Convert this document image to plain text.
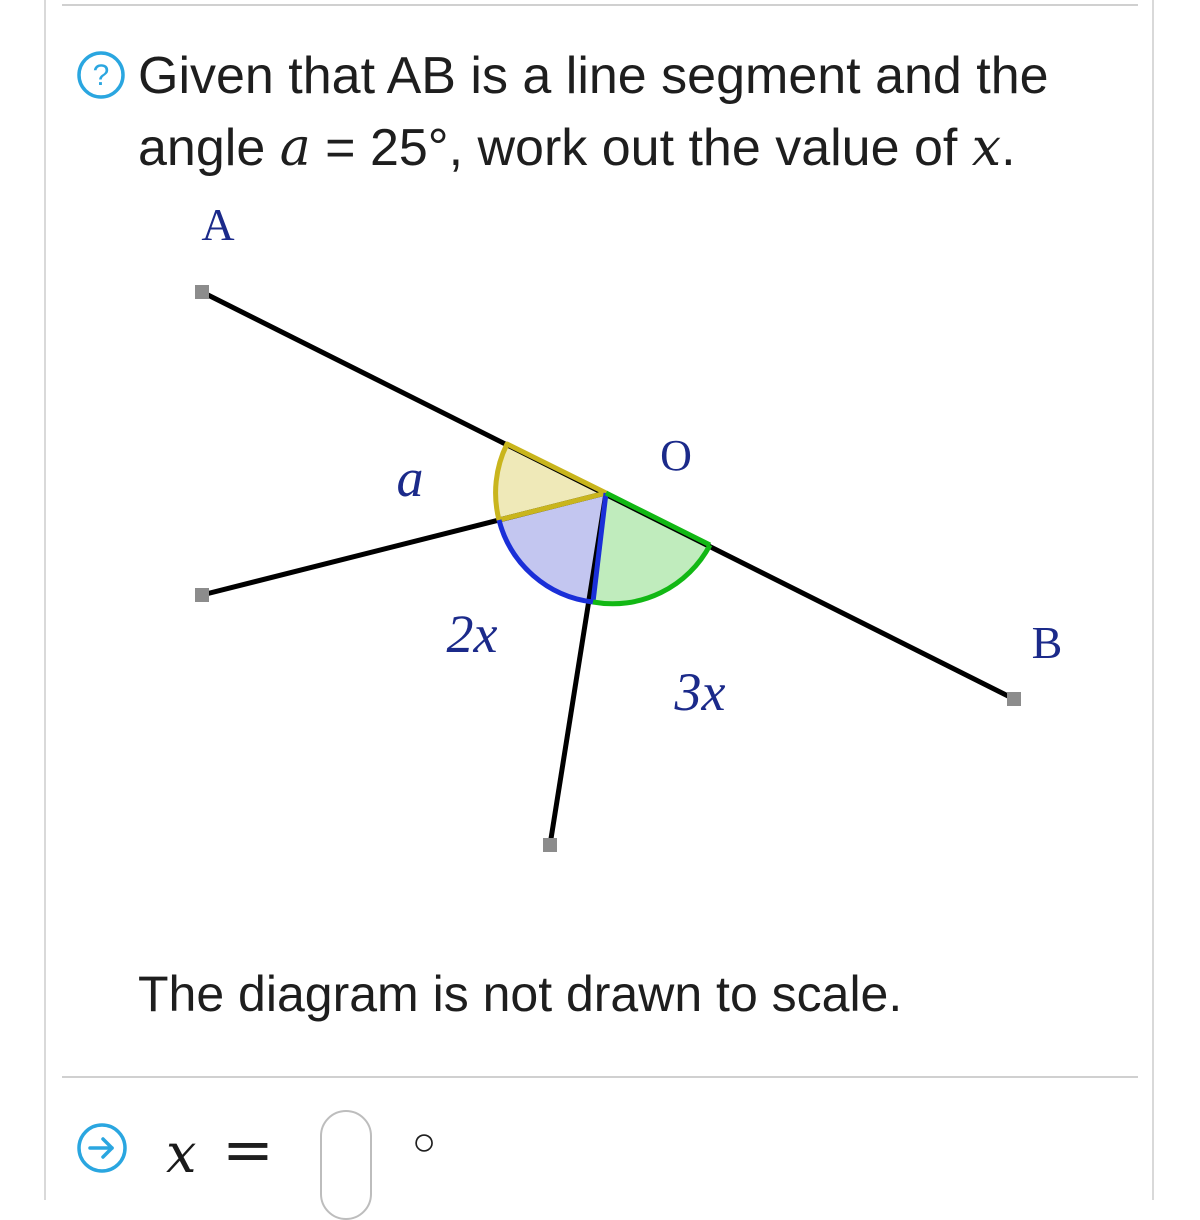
? Given that AB is a line segment and the angle a = 25°, work out the value of x.
A
O
B
a
2x
3x
The diagram is not drawn to scale.
x =	○
